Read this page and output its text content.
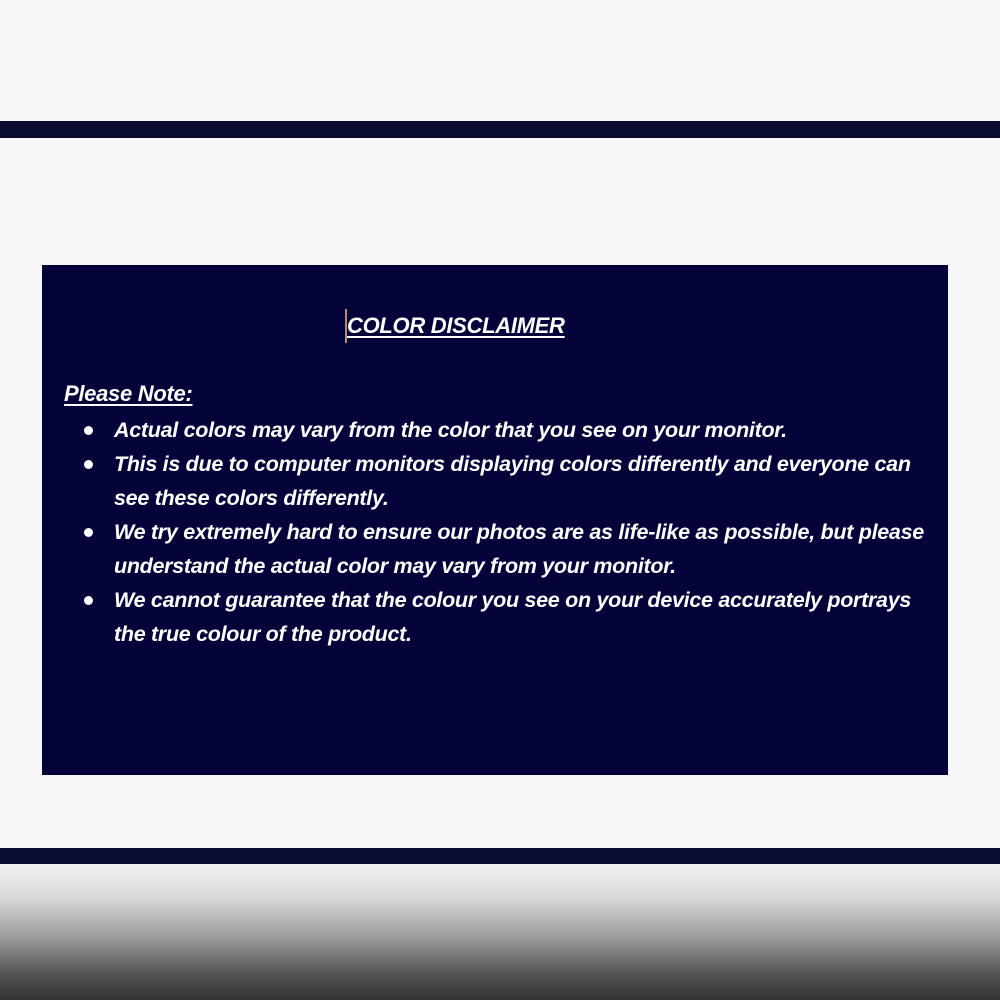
COLOR DISCLAIMER
Please Note:
Actual colors may vary from the color that you see on your monitor.
This is due to computer monitors displaying colors differently and everyone can see these colors differently.
We try extremely hard to ensure our photos are as life-like as possible, but please understand the actual color may vary from your monitor.
We cannot guarantee that the colour you see on your device accurately portrays the true colour of the product.
